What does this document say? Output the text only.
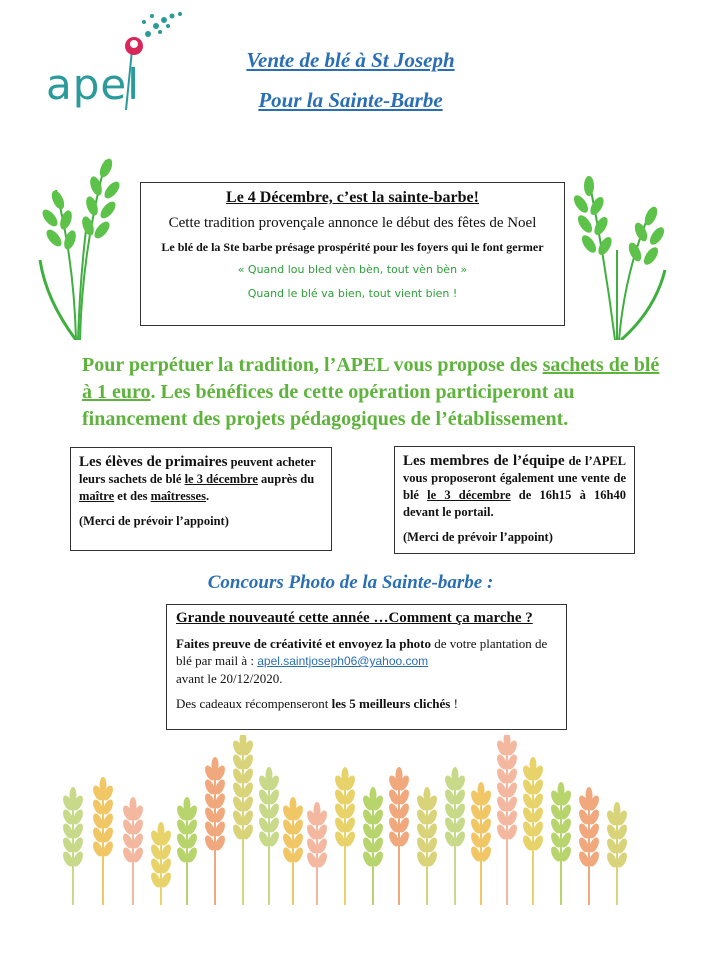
apel	Vente de blé à St Joseph
Pour la Sainte-Barbe
Le 4 Décembre, c’est la sainte-barbe!
Cette tradition provençale annonce le début des fêtes de Noel
Le blé de la Ste barbe présage prospérité pour les foyers qui le font germer
« Quand lou bled vèn bèn, tout vèn bèn »
Quand le blé va bien, tout vient bien !
Pour perpétuer la tradition, l’APEL vous propose des sachets de blé à 1 euro. Les bénéfices de cette opération participeront au financement des projets pédagogiques de l’établissement.
Les élèves de primaires peuvent acheter leurs sachets de blé le 3 décembre auprès du maître et des maîtresses.
(Merci de prévoir l’appoint)
Les membres de l’équipe de l’APEL vous proposeront également une vente de blé le 3 décembre de 16h15 à 16h40 devant le portail.
(Merci de prévoir l’appoint)
Concours Photo de la Sainte-barbe :
Grande nouveauté cette année …Comment ça marche ?
Faites preuve de créativité et envoyez la photo de votre plantation de blé par mail à : apel.saintjoseph06@yahoo.com
avant le 20/12/2020.
Des cadeaux récompenseront les 5 meilleurs clichés !
